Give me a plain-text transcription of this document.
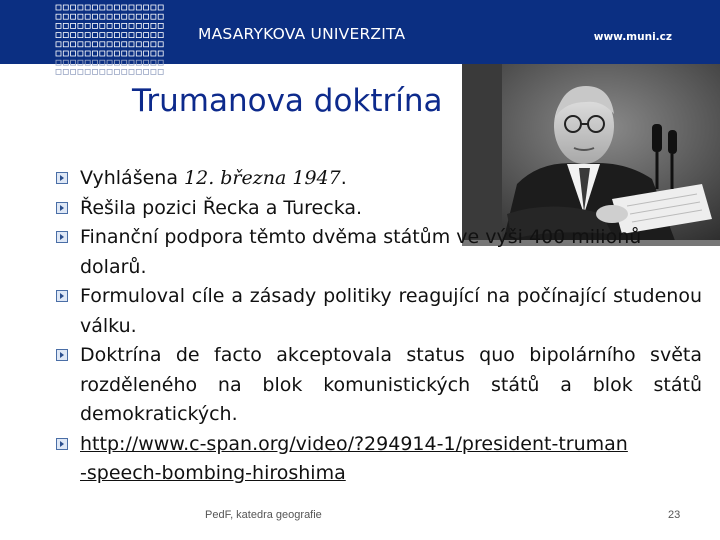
MASARYKOVA UNIVERZITA	www.muni.cz
Trumanova doktrína
Vyhlášena 12. března 1947.
Řešila pozici Řecka a Turecka.
Finanční podpora těmto dvěma státům ve výši 400 milionů dolarů.
Formuloval cíle a zásady politiky reagující na počínající studenou válku.
Doktrína de facto akceptovala status quo bipolárního světa rozděleného na blok komunistických států a blok států demokratických.
http://www.c-span.org/video/?294914-1/president-truman
-speech-bombing-hiroshima
PedF, katedra geografie	23
